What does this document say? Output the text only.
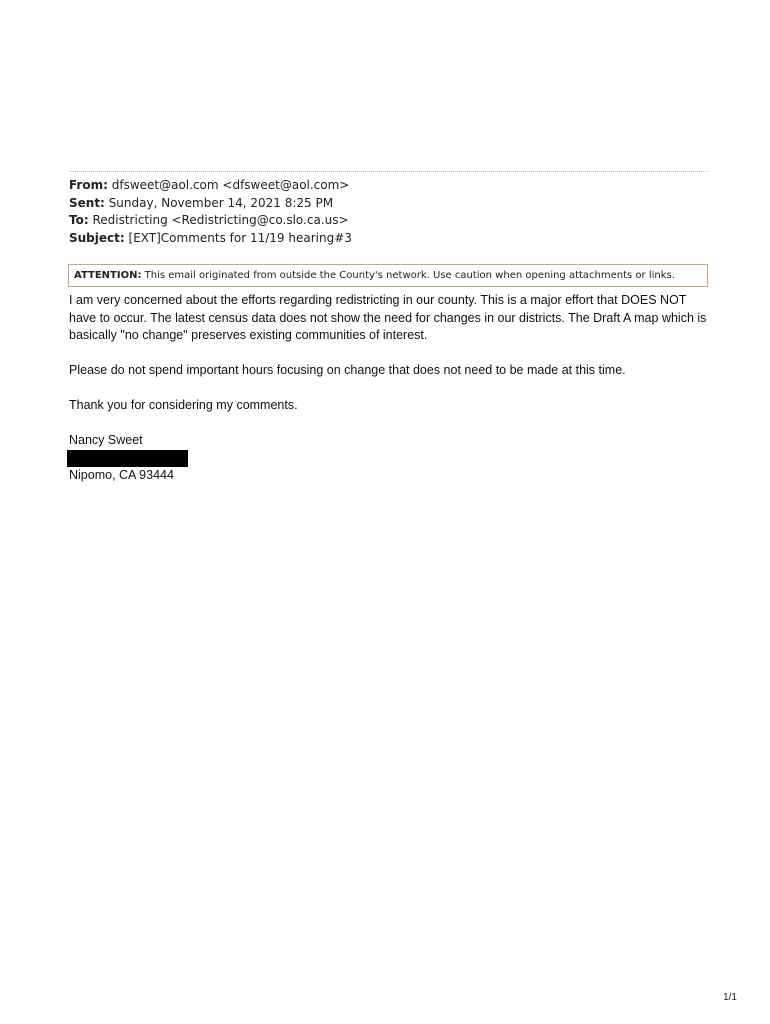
From: dfsweet@aol.com <dfsweet@aol.com>
Sent: Sunday, November 14, 2021 8:25 PM
To: Redistricting <Redistricting@co.slo.ca.us>
Subject: [EXT]Comments for 11/19 hearing#3
ATTENTION: This email originated from outside the County's network. Use caution when opening attachments or links.
I am very concerned about the efforts regarding redistricting in our county. This is a major effort that DOES NOT have to occur. The latest census data does not show the need for changes in our districts. The Draft A map which is basically "no change" preserves existing communities of interest.
Please do not spend important hours focusing on change that does not need to be made at this time.
Thank you for considering my comments.
Nancy Sweet
Nipomo, CA 93444
1/1
